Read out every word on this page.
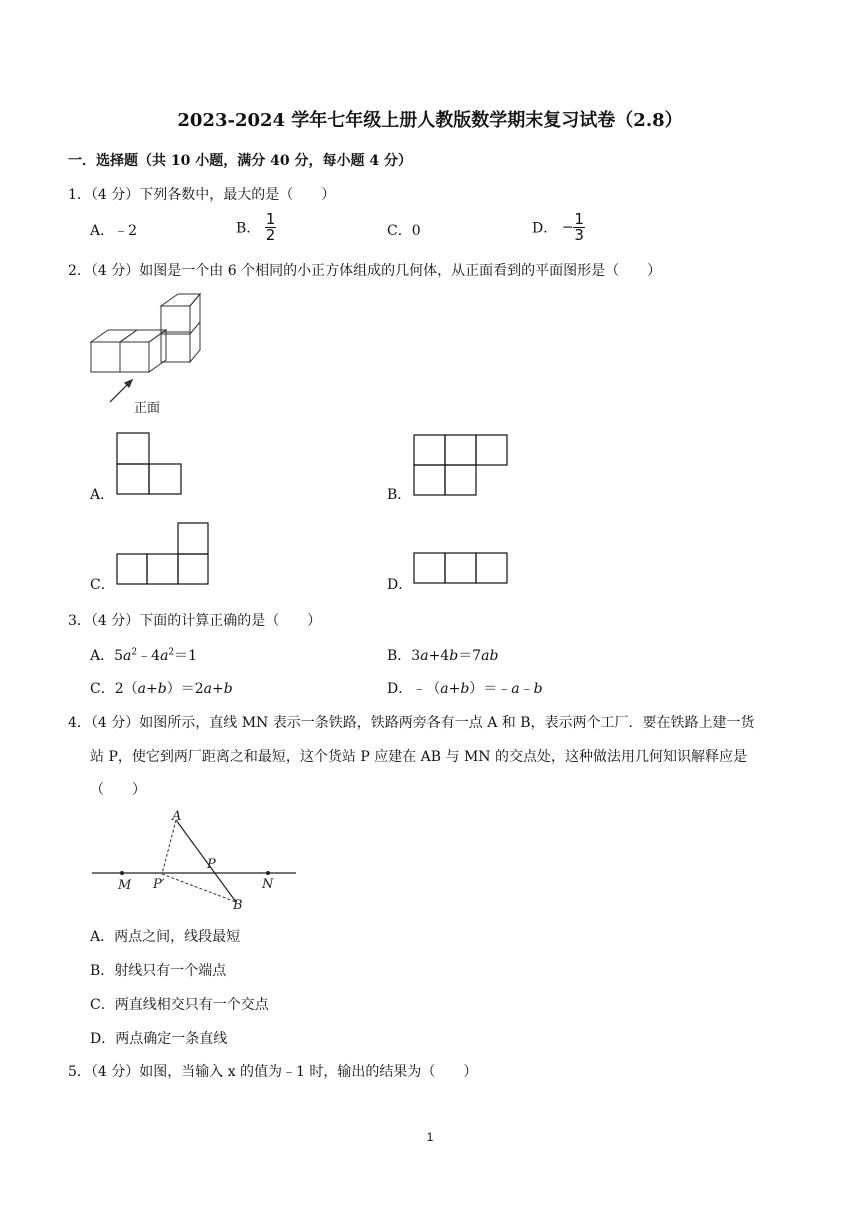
2023-2024 学年七年级上册人教版数学期末复习试卷（2.8）
一．选择题（共 10 小题，满分 40 分，每小题 4 分）
1．（4 分）下列各数中，最大的是（　　）
A．﹣2	B． $\frac{1}{2}$	C．0	D． − $\frac{1}{3}$
2．（4 分）如图是一个由 6 个相同的小正方体组成的几何体，从正面看到的平面图形是（　　）
正面
A．	B．
C．	D．
3．（4 分）下面的计算正确的是（　　）
A．$5a^2﹣4a^2=1$	B．3a+4b＝7ab
C．2（a+b）＝2a+b	D．﹣（a+b）＝﹣a﹣b
4．（4 分）如图所示，直线 MN 表示一条铁路，铁路两旁各有一点 A 和 B，表示两个工厂．要在铁路上建一货
站 P，使它到两厂距离之和最短，这个货站 P 应建在 AB 与 MN 的交点处，这种做法用几何知识解释应是
（　　）
A
P
P′
M	N
B
A．两点之间，线段最短
B．射线只有一个端点
C．两直线相交只有一个交点
D．两点确定一条直线
5．（4 分）如图，当输入 x 的值为﹣1 时，输出的结果为（　　）
1
